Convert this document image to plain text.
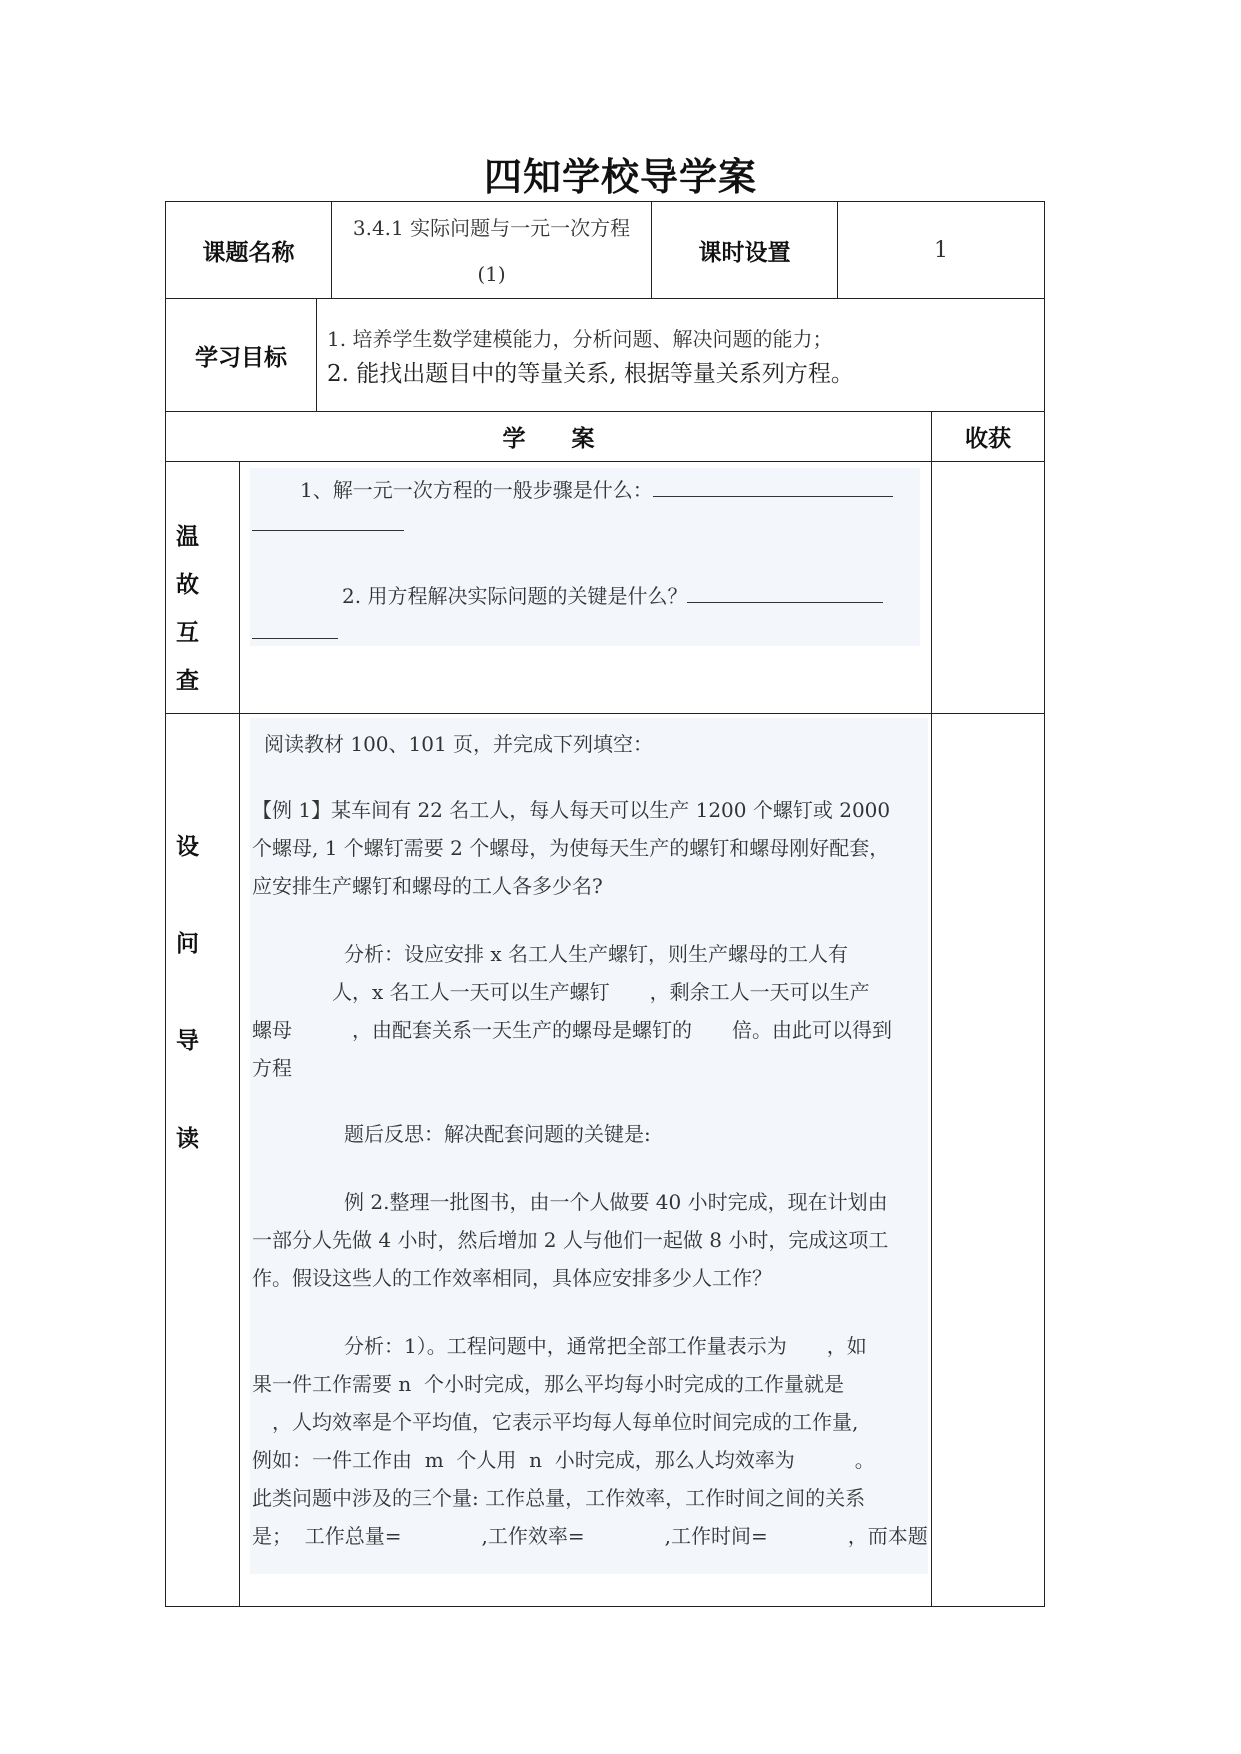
四知学校导学案
课题名称
3.4.1 实际问题与一元一次方程
(1)
课时设置	1
学习目标
1. 培养学生数学建模能力，分析问题、解决问题的能力；
2. 能找出题目中的等量关系, 根据等量关系列方程。
学　　案	收获
温
故
互
查
1、解一元一次方程的一般步骤是什么：
2. 用方程解决实际问题的关键是什么？
设
问
导
读
阅读教材 100、101 页，并完成下列填空：
【例 1】某车间有 22 名工人，每人每天可以生产 1200 个螺钉或 2000
个螺母, 1 个螺钉需要 2 个螺母，为使每天生产的螺钉和螺母刚好配套，
应安排生产螺钉和螺母的工人各多少名?
分析：设应安排 x 名工人生产螺钉，则生产螺母的工人有
人，x 名工人一天可以生产螺钉　　，剩余工人一天可以生产
螺母　　　，由配套关系一天生产的螺母是螺钉的　　倍。由此可以得到
方程
题后反思：解决配套问题的关键是:
例 2.整理一批图书，由一个人做要 40 小时完成，现在计划由
一部分人先做 4 小时，然后增加 2 人与他们一起做 8 小时，完成这项工
作。假设这些人的工作效率相同，具体应安排多少人工作？
分析：1）。工程问题中，通常把全部工作量表示为　　，如
果一件工作需要 n  个小时完成，那么平均每小时完成的工作量就是
　，人均效率是个平均值，它表示平均每人每单位时间完成的工作量,
例如：一件工作由  m  个人用  n  小时完成，那么人均效率为　　　。
此类问题中涉及的三个量: 工作总量，工作效率，工作时间之间的关系
是；  工作总量=　　　　,工作效率=　　　　,工作时间=　　　　，而本题
